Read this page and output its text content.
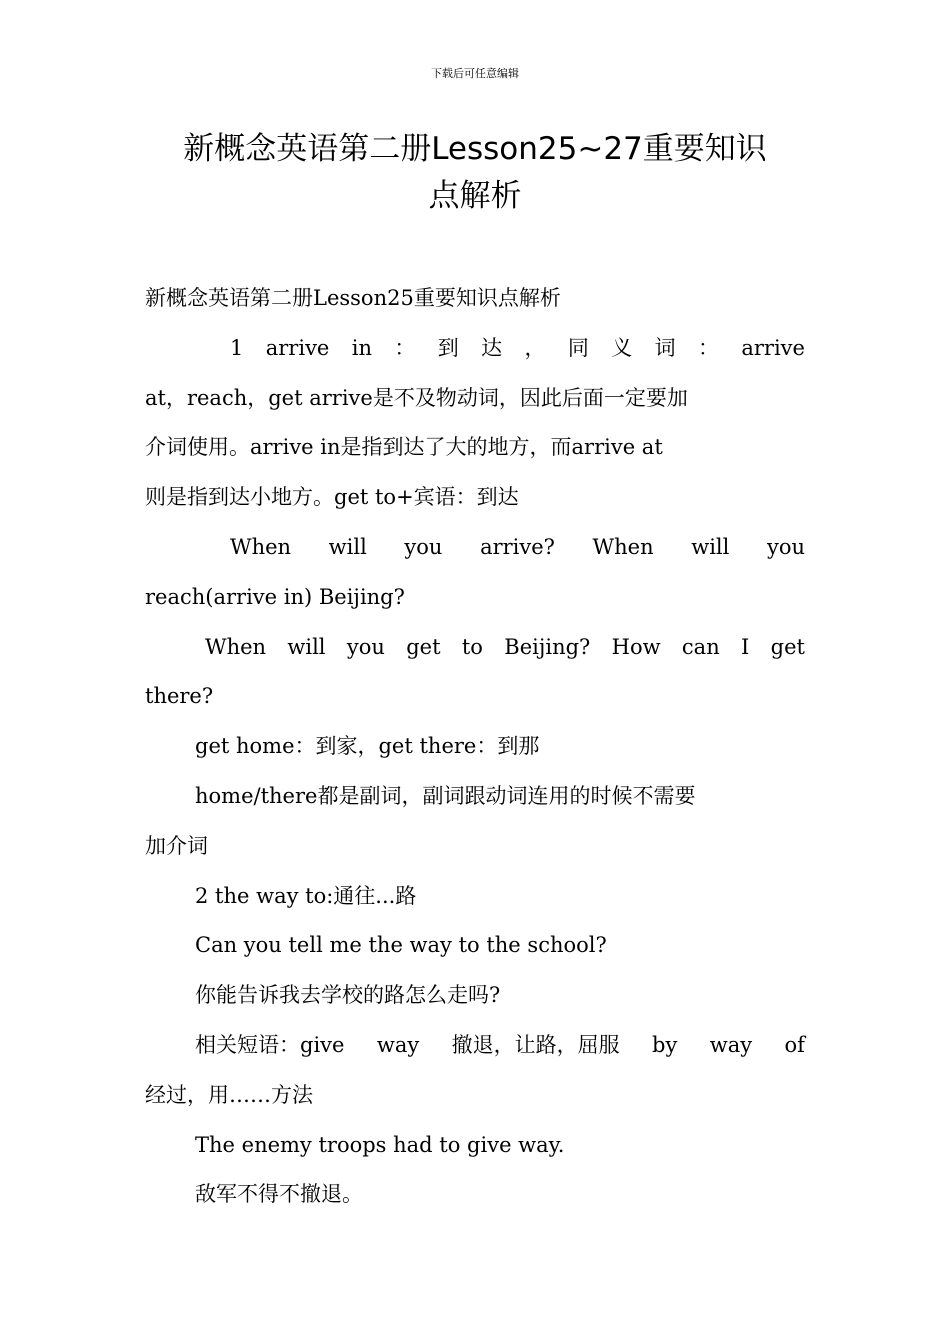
下载后可任意编辑
新概念英语第二册Lesson25~27重要知识
点解析
新概念英语第二册Lesson25重要知识点解析
1 arrive in ： 到 达 ， 同 义 词 ： arrive
at，reach，get arrive是不及物动词，因此后面一定要加
介词使用。arrive in是指到达了大的地方，而arrive at
则是指到达小地方。get to+宾语：到达
When will you arrive? When will you
reach(arrive in) Beijing?
When will you get to Beijing? How can I get
there?
get home：到家，get there：到那
home/there都是副词，副词跟动词连用的时候不需要
加介词
2 the way to:通往...路
Can you tell me the way to the school?
你能告诉我去学校的路怎么走吗?
相关短语：give way 撤退，让路，屈服 by way of
经过，用……方法
The enemy troops had to give way.
敌军不得不撤退。
